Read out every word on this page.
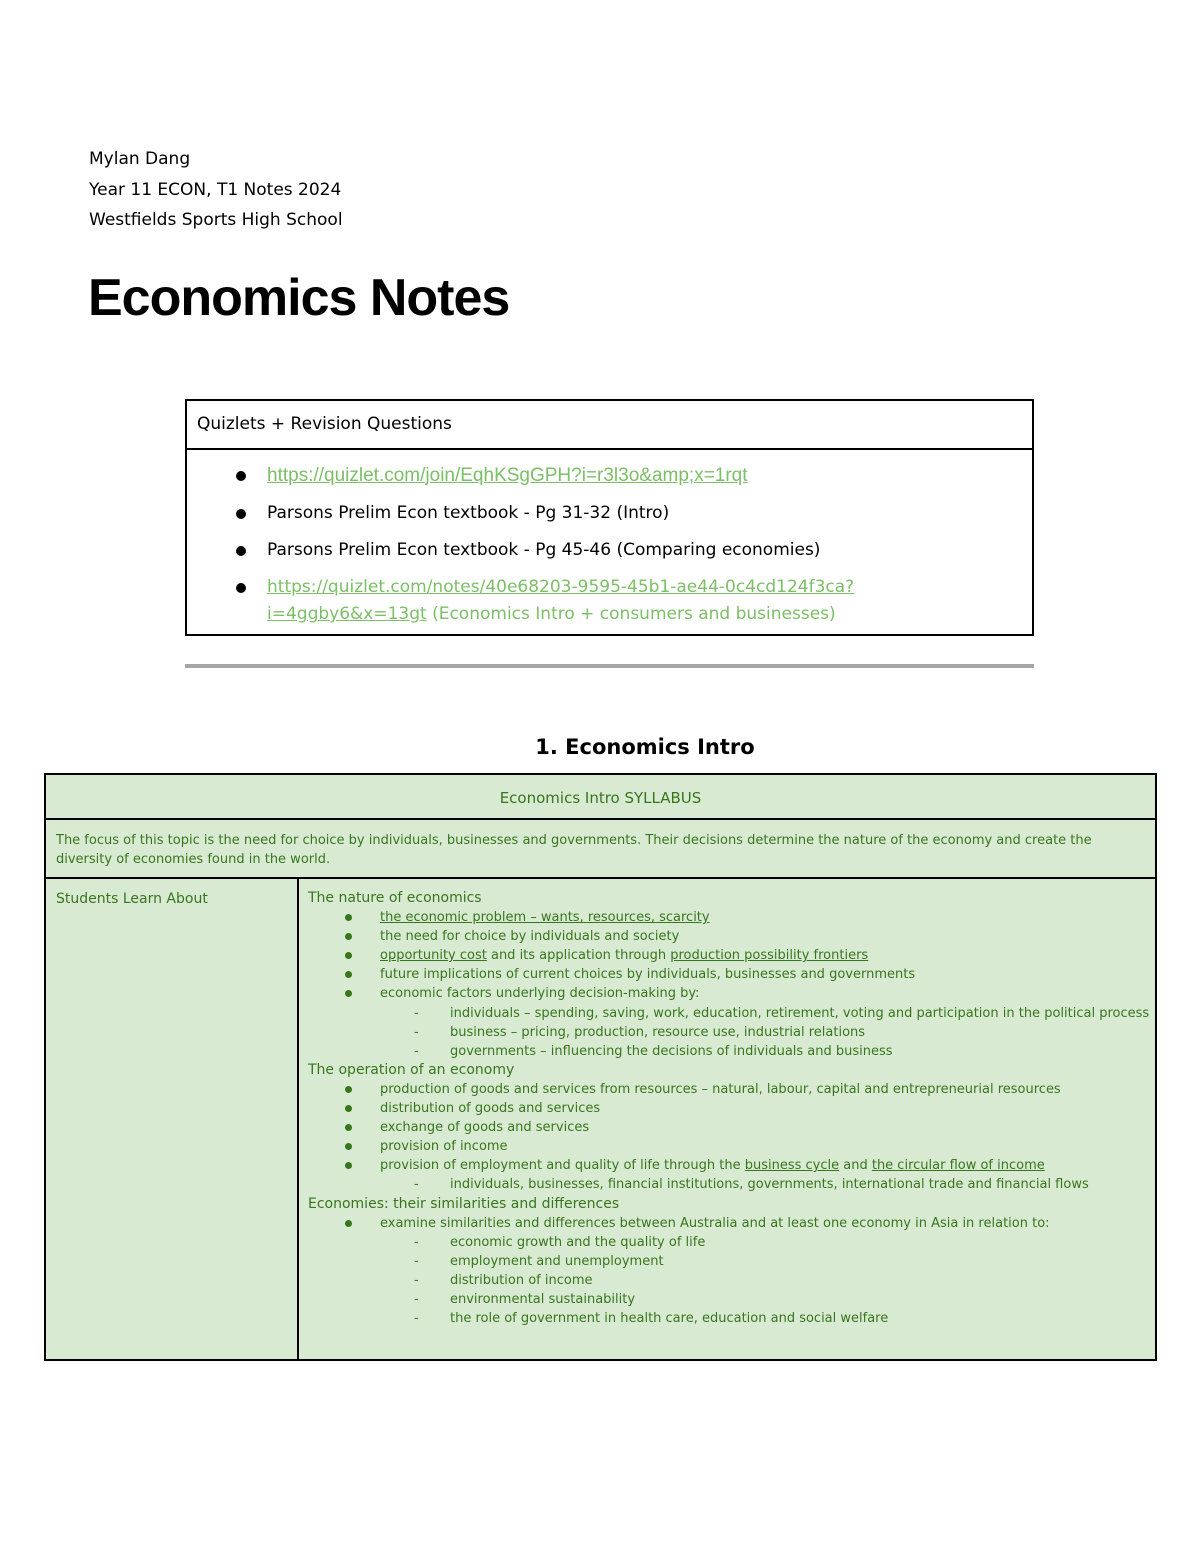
Mylan Dang
Year 11 ECON, T1 Notes 2024
Westfields Sports High School
Economics Notes
Quizlets + Revision Questions
https://quizlet.com/join/EqhKSgGPH?i=r3l3o&amp;x=1rqt
Parsons Prelim Econ textbook - Pg 31-32 (Intro)
Parsons Prelim Econ textbook - Pg 45-46 (Comparing economies)
https://quizlet.com/notes/40e68203-9595-45b1-ae44-0c4cd124f3ca?
i=4ggby6&x=13gt (Economics Intro + consumers and businesses)
1. Economics Intro
Economics Intro SYLLABUS
The focus of this topic is the need for choice by individuals, businesses and governments. Their decisions determine the nature of the economy and create the diversity of economies found in the world.
Students Learn About	The nature of economics
the economic problem – wants, resources, scarcity
the need for choice by individuals and society
opportunity cost and its application through production possibility frontiers
future implications of current choices by individuals, businesses and governments
economic factors underlying decision-making by:
- individuals – spending, saving, work, education, retirement, voting and participation in the political process
- business – pricing, production, resource use, industrial relations
- governments – influencing the decisions of individuals and business
The operation of an economy
production of goods and services from resources – natural, labour, capital and entrepreneurial resources
distribution of goods and services
exchange of goods and services
provision of income
provision of employment and quality of life through the business cycle and the circular flow of income
- individuals, businesses, financial institutions, governments, international trade and financial flows
Economies: their similarities and differences
examine similarities and differences between Australia and at least one economy in Asia in relation to:
- economic growth and the quality of life
- employment and unemployment
- distribution of income
- environmental sustainability
- the role of government in health care, education and social welfare
